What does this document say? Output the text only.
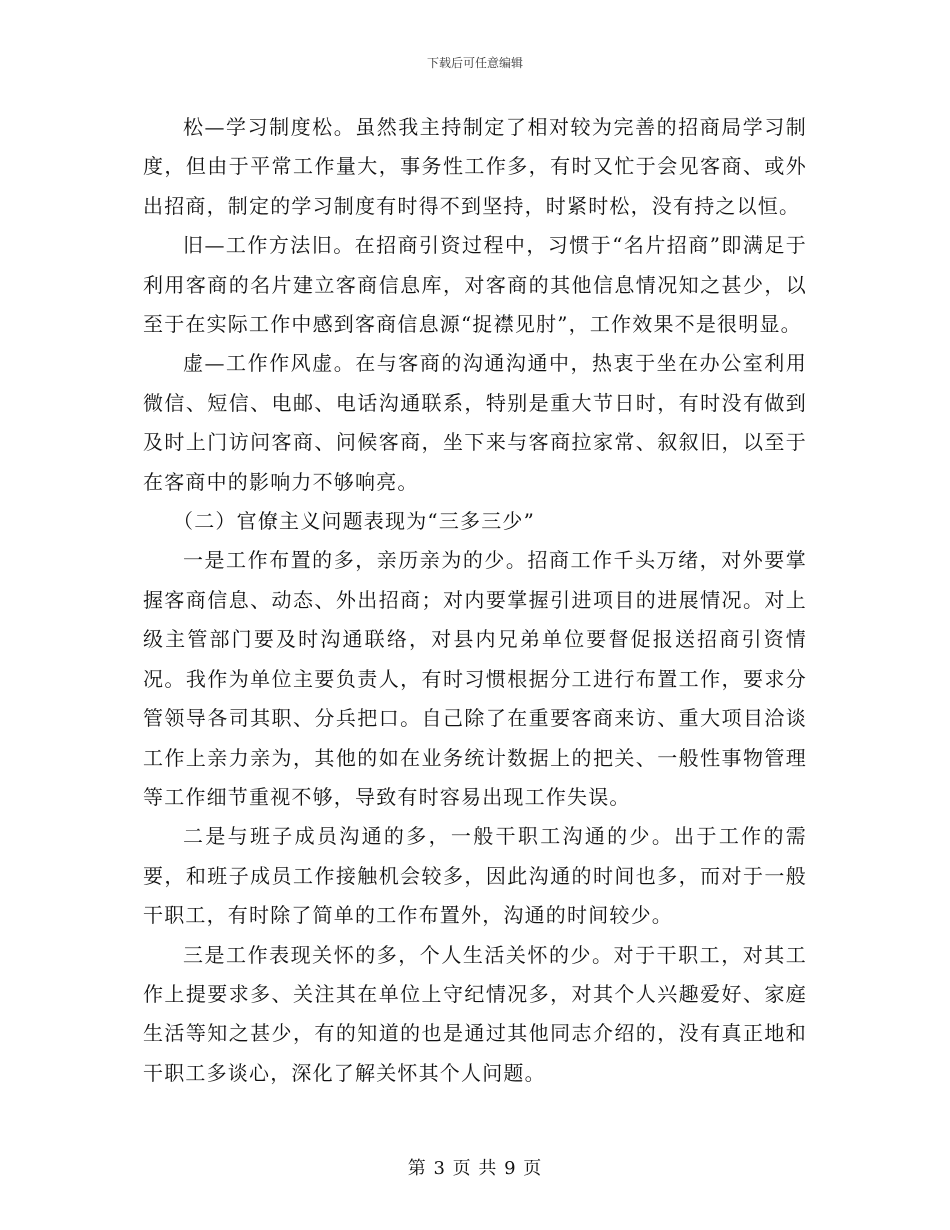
下载后可任意编辑

松—学习制度松。虽然我主持制定了相对较为完善的招商局学习制度，但由于平常工作量大，事务性工作多，有时又忙于会见客商、或外出招商，制定的学习制度有时得不到坚持，时紧时松，没有持之以恒。

旧—工作方法旧。在招商引资过程中，习惯于“名片招商”即满足于利用客商的名片建立客商信息库，对客商的其他信息情况知之甚少，以至于在实际工作中感到客商信息源“捉襟见肘”，工作效果不是很明显。

虚—工作作风虚。在与客商的沟通沟通中，热衷于坐在办公室利用微信、短信、电邮、电话沟通联系，特别是重大节日时，有时没有做到及时上门访问客商、问候客商，坐下来与客商拉家常、叙叙旧，以至于在客商中的影响力不够响亮。

（二）官僚主义问题表现为“三多三少”

一是工作布置的多，亲历亲为的少。招商工作千头万绪，对外要掌握客商信息、动态、外出招商；对内要掌握引进项目的进展情况。对上级主管部门要及时沟通联络，对县内兄弟单位要督促报送招商引资情况。我作为单位主要负责人，有时习惯根据分工进行布置工作，要求分管领导各司其职、分兵把口。自己除了在重要客商来访、重大项目洽谈工作上亲力亲为，其他的如在业务统计数据上的把关、一般性事物管理等工作细节重视不够，导致有时容易出现工作失误。

二是与班子成员沟通的多，一般干职工沟通的少。出于工作的需要，和班子成员工作接触机会较多，因此沟通的时间也多，而对于一般干职工，有时除了简单的工作布置外，沟通的时间较少。

三是工作表现关怀的多，个人生活关怀的少。对于干职工，对其工作上提要求多、关注其在单位上守纪情况多，对其个人兴趣爱好、家庭生活等知之甚少，有的知道的也是通过其他同志介绍的，没有真正地和干职工多谈心，深化了解关怀其个人问题。

第 3 页 共 9 页
